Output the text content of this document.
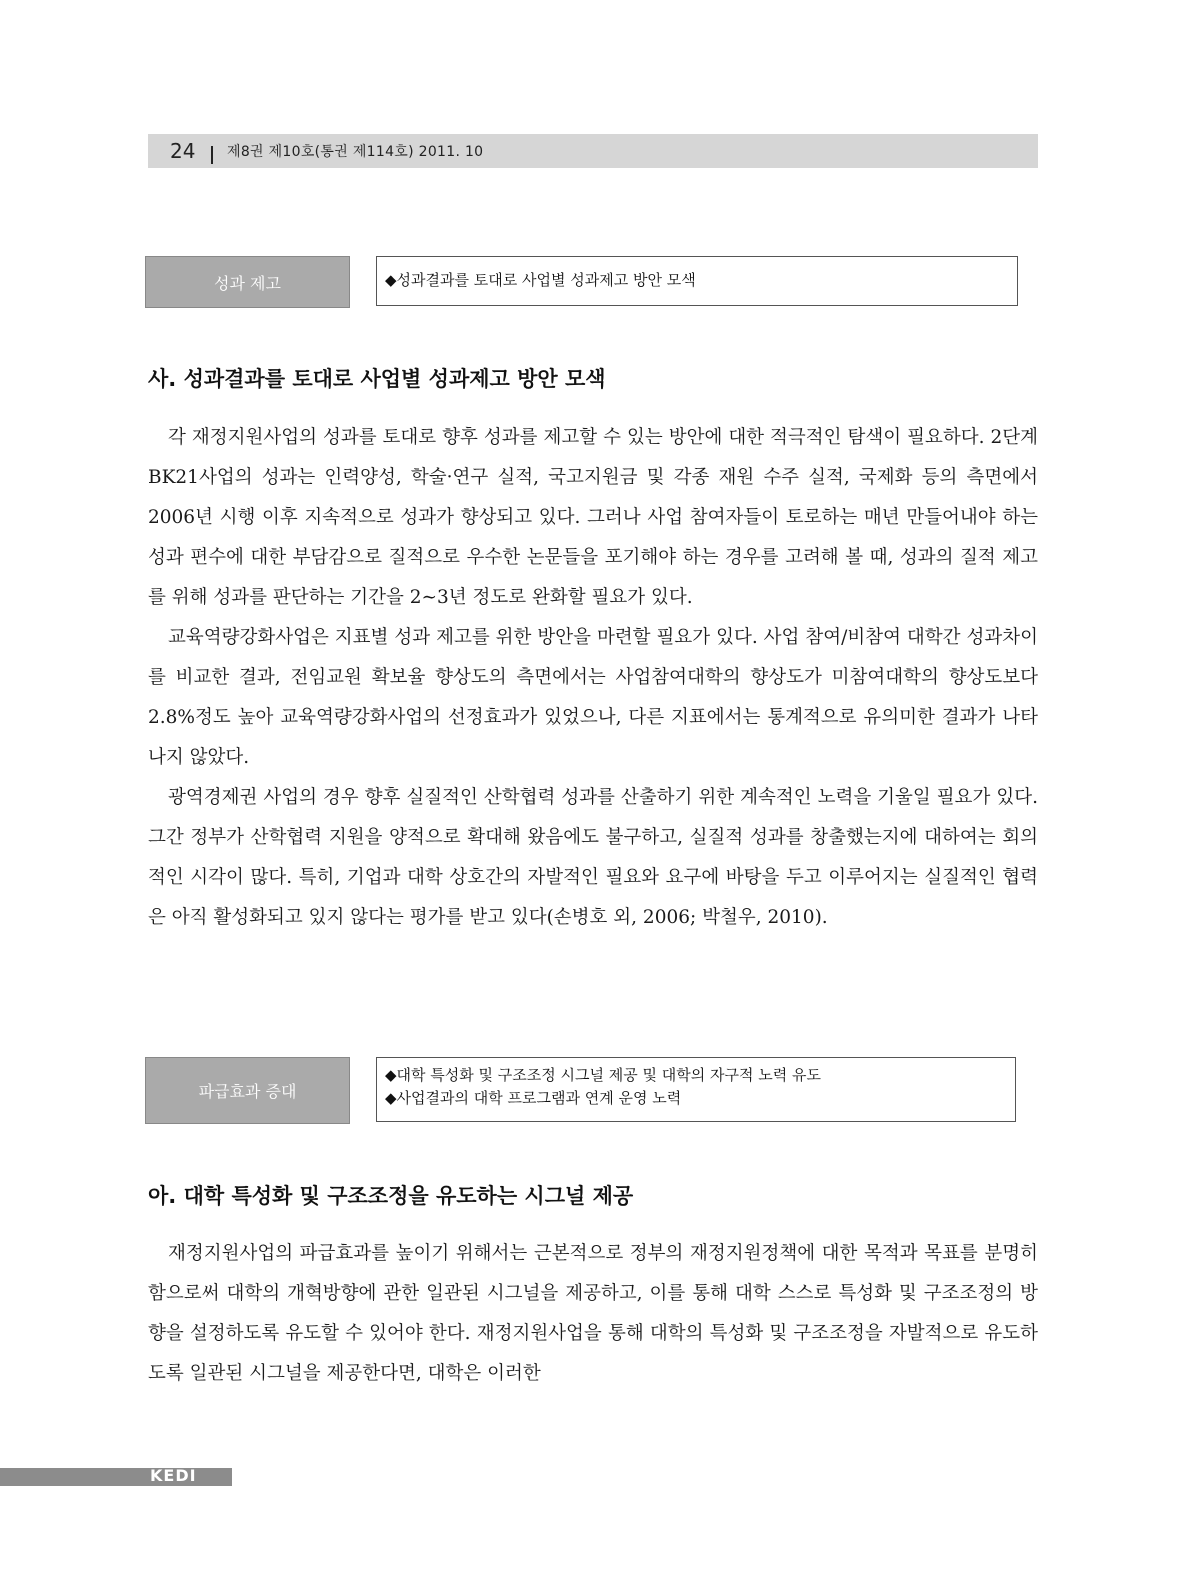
24 제8권 제10호(통권 제114호) 2011. 10
성과 제고	◆성과결과를 토대로 사업별 성과제고 방안 모색
사. 성과결과를 토대로 사업별 성과제고 방안 모색

각 재정지원사업의 성과를 토대로 향후 성과를 제고할 수 있는 방안에 대한 적극적인 탐색이 필요하다. 2단계 BK21사업의 성과는 인력양성, 학술·연구 실적, 국고지원금 및 각종 재원 수주 실적, 국제화 등의 측면에서 2006년 시행 이후 지속적으로 성과가 향상되고 있다. 그러나 사업 참여자들이 토로하는 매년 만들어내야 하는 성과 편수에 대한 부담감으로 질적으로 우수한 논문들을 포기해야 하는 경우를 고려해 볼 때, 성과의 질적 제고를 위해 성과를 판단하는 기간을 2∼3년 정도로 완화할 필요가 있다.

교육역량강화사업은 지표별 성과 제고를 위한 방안을 마련할 필요가 있다. 사업 참여/비참여 대학간 성과차이를 비교한 결과, 전임교원 확보율 향상도의 측면에서는 사업참여대학의 향상도가 미참여대학의 향상도보다 2.8%정도 높아 교육역량강화사업의 선정효과가 있었으나, 다른 지표에서는 통계적으로 유의미한 결과가 나타나지 않았다.

광역경제권 사업의 경우 향후 실질적인 산학협력 성과를 산출하기 위한 계속적인 노력을 기울일 필요가 있다. 그간 정부가 산학협력 지원을 양적으로 확대해 왔음에도 불구하고, 실질적 성과를 창출했는지에 대하여는 회의적인 시각이 많다. 특히, 기업과 대학 상호간의 자발적인 필요와 요구에 바탕을 두고 이루어지는 실질적인 협력은 아직 활성화되고 있지 않다는 평가를 받고 있다(손병호 외, 2006; 박철우, 2010).

파급효과 증대
◆대학 특성화 및 구조조정 시그널 제공 및 대학의 자구적 노력 유도
◆사업결과의 대학 프로그램과 연계 운영 노력
아. 대학 특성화 및 구조조정을 유도하는 시그널 제공

재정지원사업의 파급효과를 높이기 위해서는 근본적으로 정부의 재정지원정책에 대한 목적과 목표를 분명히 함으로써 대학의 개혁방향에 관한 일관된 시그널을 제공하고, 이를 통해 대학 스스로 특성화 및 구조조정의 방향을 설정하도록 유도할 수 있어야 한다. 재정지원사업을 통해 대학의 특성화 및 구조조정을 자발적으로 유도하도록 일관된 시그널을 제공한다면, 대학은 이러한

KEDI
